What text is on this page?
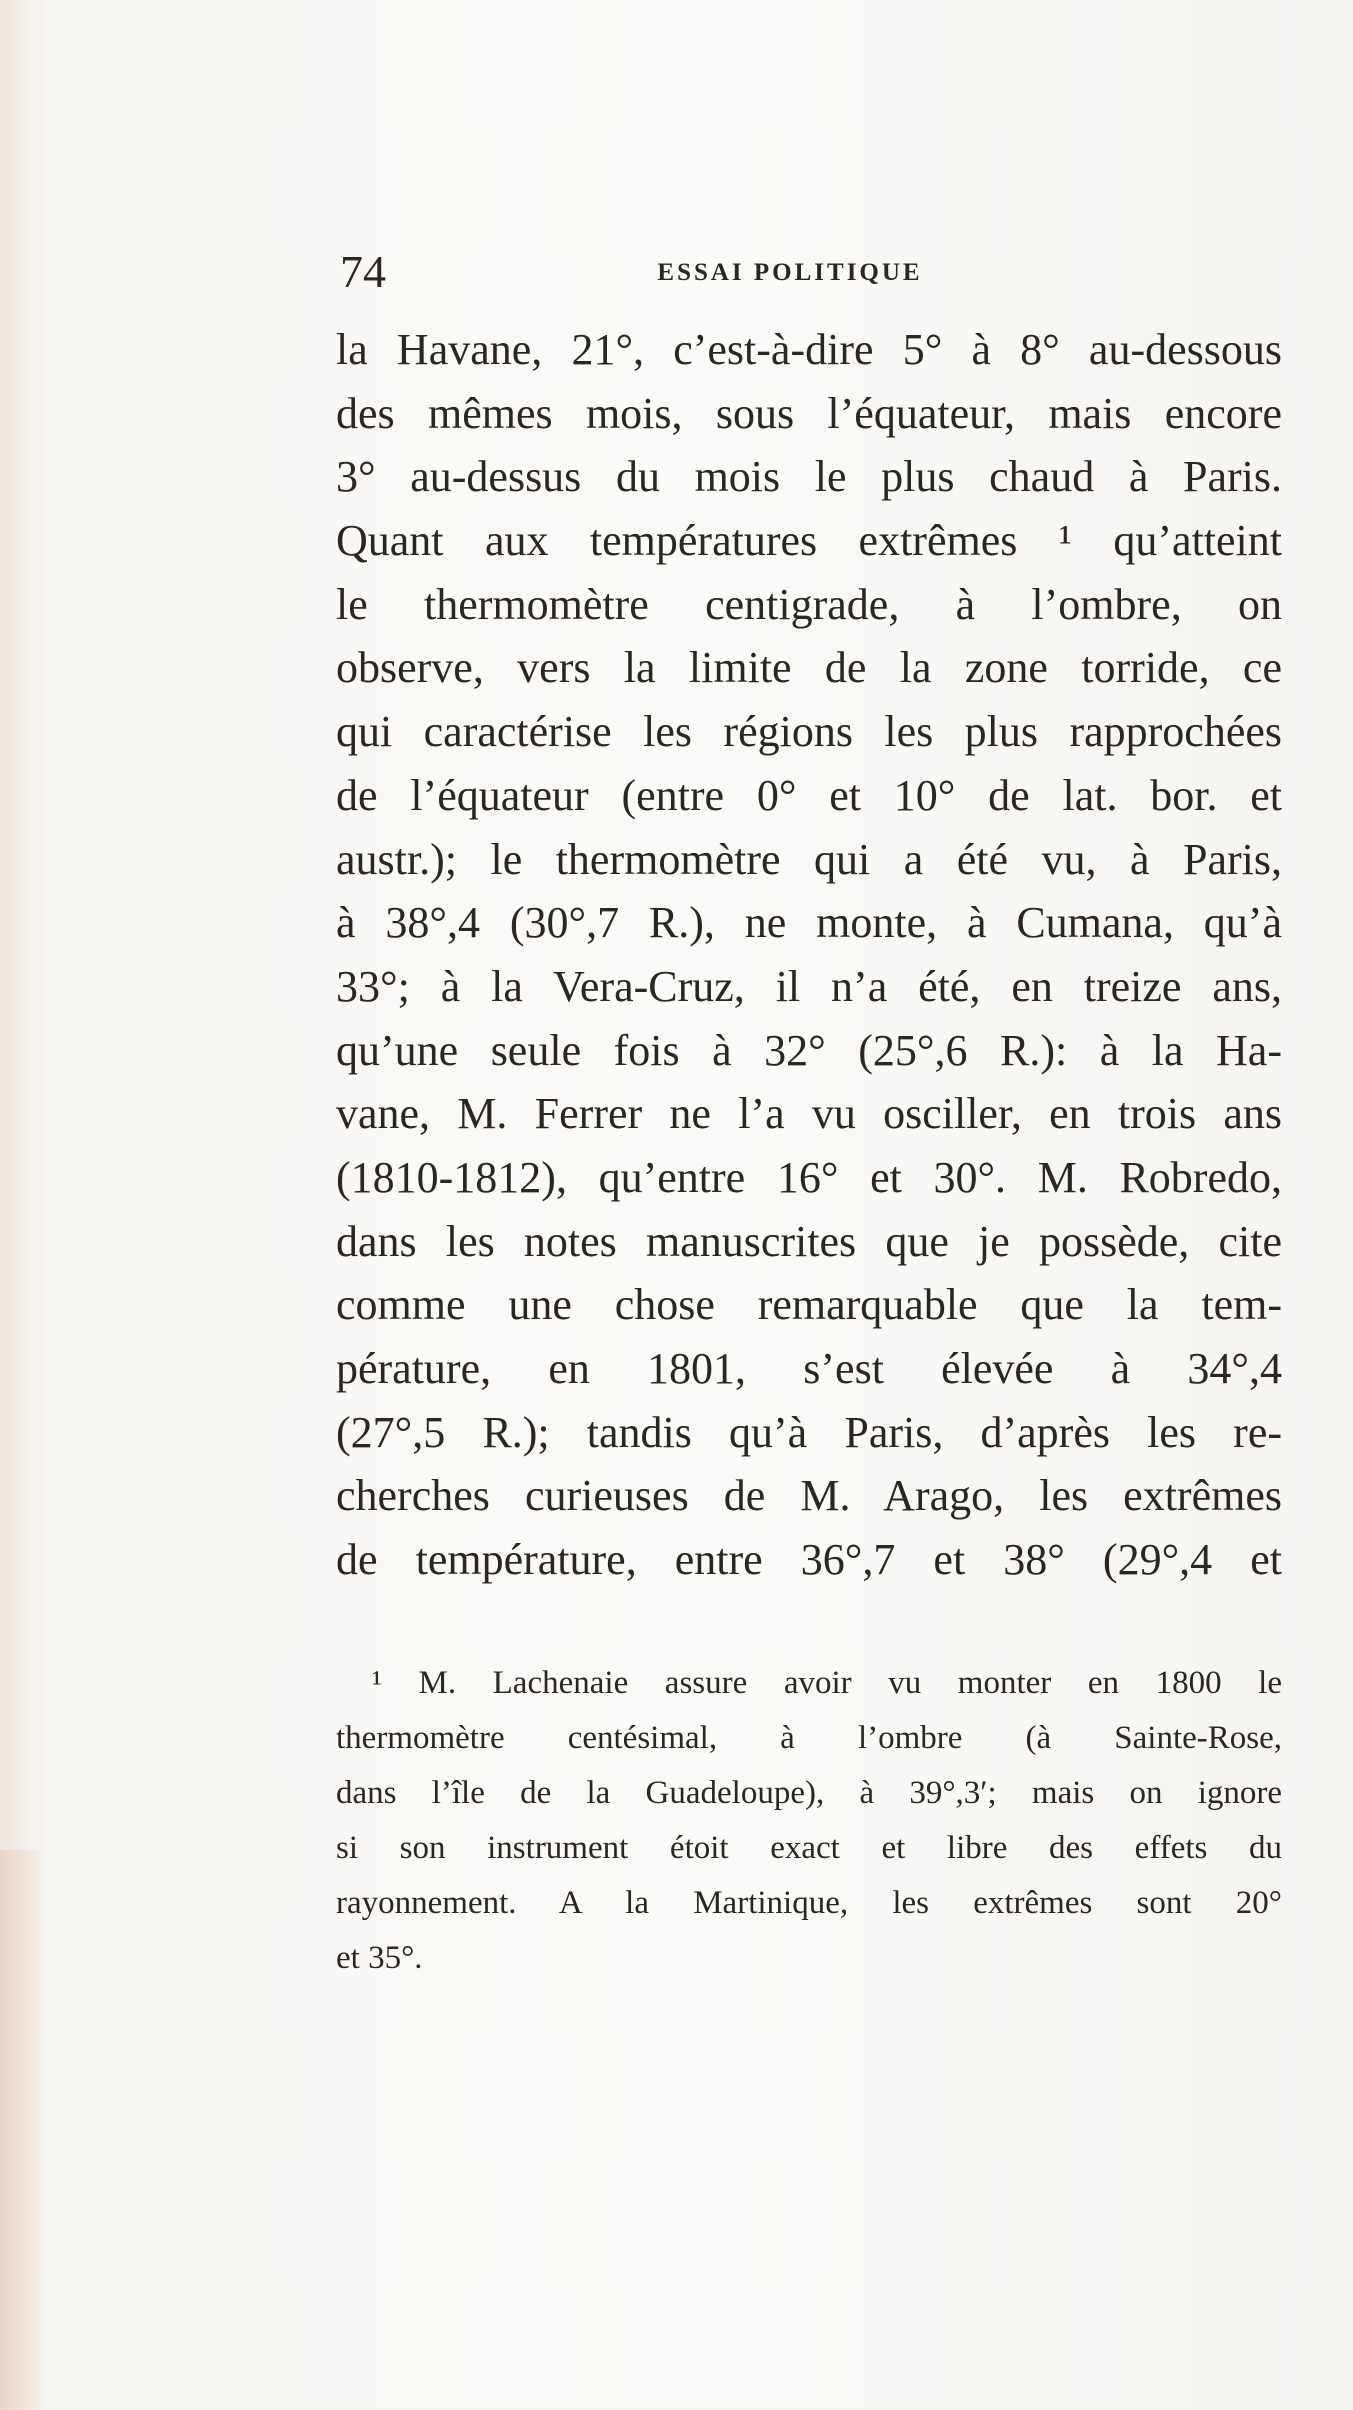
74	ESSAI POLITIQUE
la Havane, 21°, c’est-à-dire 5° à 8° au-dessous
des mêmes mois, sous l’équateur, mais encore
3° au-dessus du mois le plus chaud à Paris.
Quant aux températures extrêmes ¹ qu’atteint
le thermomètre centigrade, à l’ombre, on
observe, vers la limite de la zone torride, ce
qui caractérise les régions les plus rapprochées
de l’équateur (entre 0° et 10° de lat. bor. et
austr.); le thermomètre qui a été vu, à Paris,
à 38°,4 (30°,7 R.), ne monte, à Cumana, qu’à
33°; à la Vera-Cruz, il n’a été, en treize ans,
qu’une seule fois à 32° (25°,6 R.): à la Ha-
vane, M. Ferrer ne l’a vu osciller, en trois ans
(1810-1812), qu’entre 16° et 30°. M. Robredo,
dans les notes manuscrites que je possède, cite
comme une chose remarquable que la tem-
pérature, en 1801, s’est élevée à 34°,4
(27°,5 R.); tandis qu’à Paris, d’après les re-
cherches curieuses de M. Arago, les extrêmes
de température, entre 36°,7 et 38° (29°,4 et
¹ M. Lachenaie assure avoir vu monter en 1800 le
thermomètre centésimal, à l’ombre (à Sainte-Rose,
dans l’île de la Guadeloupe), à 39°,3′; mais on ignore
si son instrument étoit exact et libre des effets du
rayonnement. A la Martinique, les extrêmes sont 20°
et 35°.
